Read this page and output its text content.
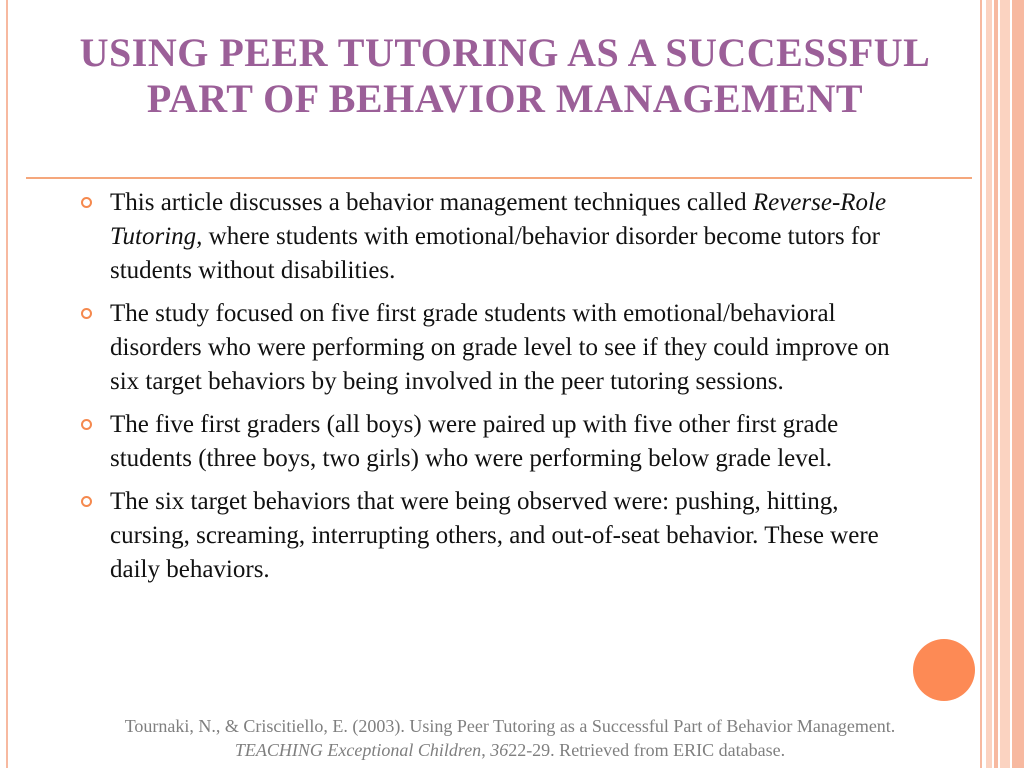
USING PEER TUTORING AS A SUCCESSFUL PART OF BEHAVIOR MANAGEMENT
This article discusses a behavior management techniques called Reverse-Role Tutoring, where students with emotional/behavior disorder become tutors for students without disabilities.
The study focused on five first grade students with emotional/behavioral disorders who were performing on grade level to see if they could improve on six target behaviors by being involved in the peer tutoring sessions.
The five first graders (all boys) were paired up with five other first grade students (three boys, two girls) who were performing below grade level.
The six target behaviors that were being observed were: pushing, hitting, cursing, screaming, interrupting others, and out-of-seat behavior. These were daily behaviors.

Tournaki, N., & Criscitiello, E. (2003). Using Peer Tutoring as a Successful Part of Behavior Management.
TEACHING Exceptional Children, 3622-29. Retrieved from ERIC database.
